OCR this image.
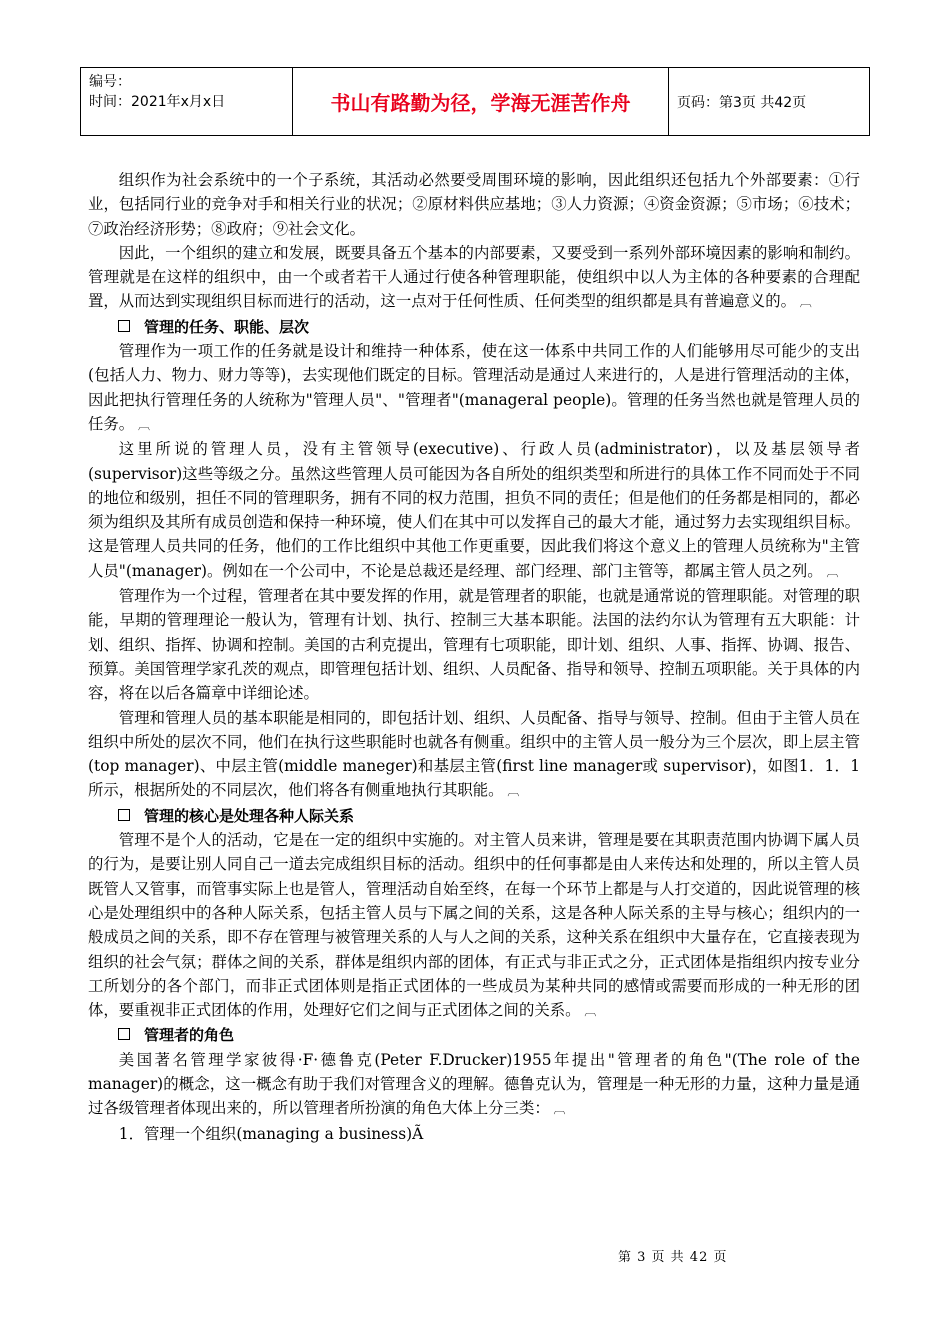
编号：
时间：2021年x月x日	书山有路勤为径，学海无涯苦作舟	页码：第3页 共42页

组织作为社会系统中的一个子系统，其活动必然要受周围环境的影响，因此组织还包括九个外部要素：①行业，包括同行业的竞争对手和相关行业的状况；②原材料供应基地；③人力资源；④资金资源；⑤市场；⑥技术；⑦政治经济形势；⑧政府；⑨社会文化。

因此，一个组织的建立和发展，既要具备五个基本的内部要素，又要受到一系列外部环境因素的影响和制约。管理就是在这样的组织中，由一个或者若干人通过行使各种管理职能，使组织中以人为主体的各种要素的合理配置，从而达到实现组织目标而进行的活动，这一点对于任何性质、任何类型的组织都是具有普遍意义的。 ︹

管理的任务、职能、层次

管理作为一项工作的任务就是设计和维持一种体系，使在这一体系中共同工作的人们能够用尽可能少的支出(包括人力、物力、财力等等)，去实现他们既定的目标。管理活动是通过人来进行的，人是进行管理活动的主体，因此把执行管理任务的人统称为"管理人员"、"管理者"(manageral people)。管理的任务当然也就是管理人员的任务。 ︹

这里所说的管理人员，没有主管领导(executive)、行政人员(administrator)，以及基层领导者(supervisor)这些等级之分。虽然这些管理人员可能因为各自所处的组织类型和所进行的具体工作不同而处于不同的地位和级别，担任不同的管理职务，拥有不同的权力范围，担负不同的责任；但是他们的任务都是相同的，都必须为组织及其所有成员创造和保持一种环境，使人们在其中可以发挥自己的最大才能，通过努力去实现组织目标。这是管理人员共同的任务，他们的工作比组织中其他工作更重要，因此我们将这个意义上的管理人员统称为"主管人员"(manager)。例如在一个公司中，不论是总裁还是经理、部门经理、部门主管等，都属主管人员之列。 ︹

管理作为一个过程，管理者在其中要发挥的作用，就是管理者的职能，也就是通常说的管理职能。对管理的职能，早期的管理理论一般认为，管理有计划、执行、控制三大基本职能。法国的法约尔认为管理有五大职能：计划、组织、指挥、协调和控制。美国的古利克提出，管理有七项职能，即计划、组织、人事、指挥、协调、报告、预算。美国管理学家孔茨的观点，即管理包括计划、组织、人员配备、指导和领导、控制五项职能。关于具体的内容，将在以后各篇章中详细论述。

管理和管理人员的基本职能是相同的，即包括计划、组织、人员配备、指导与领导、控制。但由于主管人员在组织中所处的层次不同，他们在执行这些职能时也就各有侧重。组织中的主管人员一般分为三个层次，即上层主管(top manager)、中层主管(middle maneger)和基层主管(first line manager或 supervisor)，如图1．1．1所示，根据所处的不同层次，他们将各有侧重地执行其职能。 ︹

管理的核心是处理各种人际关系

管理不是个人的活动，它是在一定的组织中实施的。对主管人员来讲，管理是要在其职责范围内协调下属人员的行为，是要让别人同自己一道去完成组织目标的活动。组织中的任何事都是由人来传达和处理的，所以主管人员既管人又管事，而管事实际上也是管人，管理活动自始至终，在每一个环节上都是与人打交道的，因此说管理的核心是处理组织中的各种人际关系，包括主管人员与下属之间的关系，这是各种人际关系的主导与核心；组织内的一般成员之间的关系，即不存在管理与被管理关系的人与人之间的关系，这种关系在组织中大量存在，它直接表现为组织的社会气氛；群体之间的关系，群体是组织内部的团体，有正式与非正式之分，正式团体是指组织内按专业分工所划分的各个部门，而非正式团体则是指正式团体的一些成员为某种共同的感情或需要而形成的一种无形的团体，要重视非正式团体的作用，处理好它们之间与正式团体之间的关系。 ︹

管理者的角色

美国著名管理学家彼得·F·德鲁克(Peter F.Drucker)1955年提出"管理者的角色"(The role of the manager)的概念，这一概念有助于我们对管理含义的理解。德鲁克认为，管理是一种无形的力量，这种力量是通过各级管理者体现出来的，所以管理者所扮演的角色大体上分三类： ︹

1．管理一个组织(managing a business)Ã

第 3 页 共 42 页
